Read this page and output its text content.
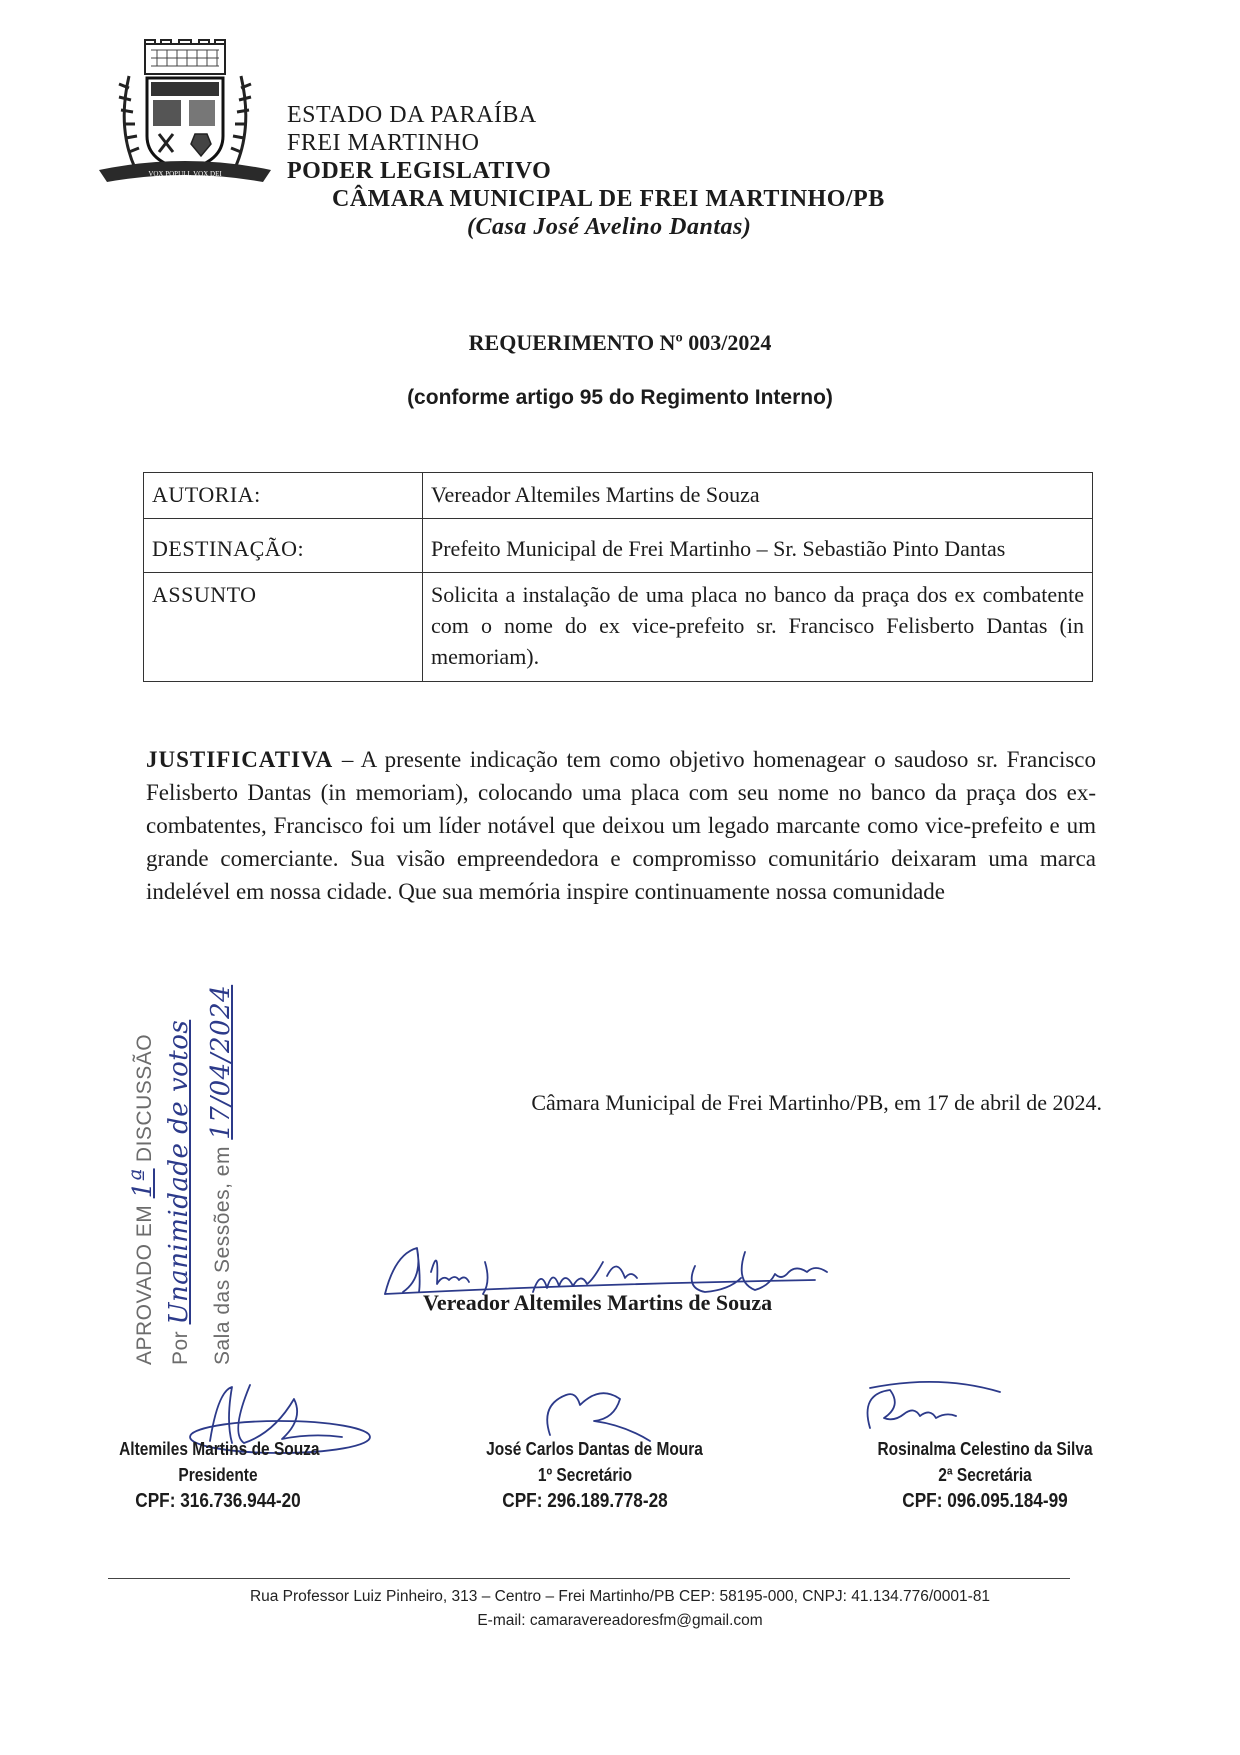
VOX POPULI, VOX DEI
ESTADO DA PARAÍBA
FREI MARTINHO
PODER LEGISLATIVO
CÂMARA MUNICIPAL DE FREI MARTINHO/PB
(Casa José Avelino Dantas)
REQUERIMENTO Nº 003/2024
(conforme artigo 95 do Regimento Interno)
AUTORIA:	Vereador Altemiles Martins de Souza
DESTINAÇÃO:	Prefeito Municipal de Frei Martinho – Sr. Sebastião Pinto Dantas
ASSUNTO	Solicita a instalação de uma placa no banco da praça dos ex combatente com o nome do ex vice-prefeito sr. Francisco Felisberto Dantas (in memoriam).
JUSTIFICATIVA – A presente indicação tem como objetivo homenagear o saudoso sr. Francisco Felisberto Dantas (in memoriam), colocando uma placa com seu nome no banco da praça dos ex- combatentes, Francisco foi um líder notável que deixou um legado marcante como vice-prefeito e um grande comerciante. Sua visão empreendedora e compromisso comunitário deixaram uma marca indelével em nossa cidade. Que sua memória inspire continuamente nossa comunidade
Câmara Municipal de Frei Martinho/PB, em 17 de abril de 2024.
APROVADO EM 1ª DISCUSSÃO
Por Unanimidade de votos Sala das Sessões, em 17/04/2024
Vereador Altemiles Martins de Souza
Altemiles Martins de Souza
Presidente
CPF: 316.736.944-20
José Carlos Dantas de Moura
1º Secretário
CPF: 296.189.778-28
Rosinalma Celestino da Silva
2ª Secretária
CPF: 096.095.184-99
Rua Professor Luiz Pinheiro, 313 – Centro – Frei Martinho/PB CEP: 58195-000, CNPJ: 41.134.776/0001-81
E-mail: camaravereadoresfm@gmail.com
